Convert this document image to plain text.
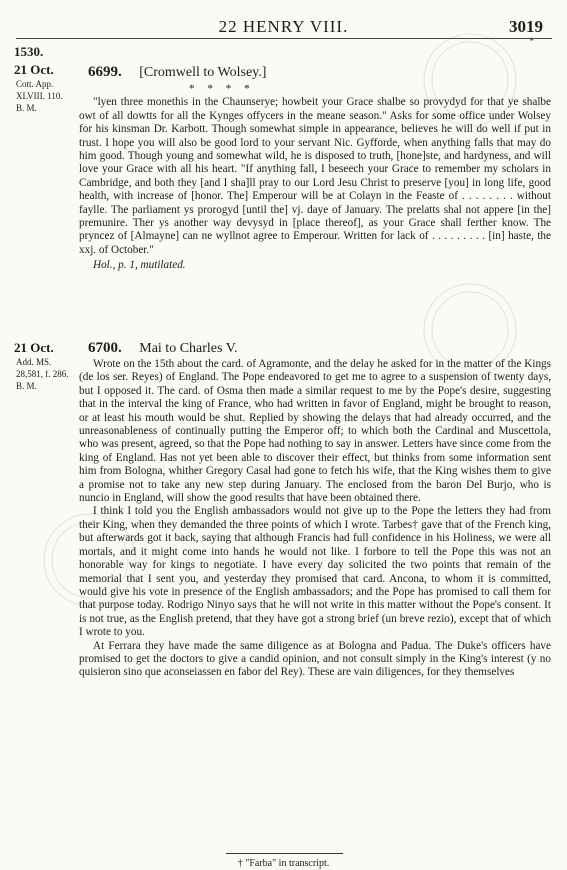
22 HENRY VIII.	3019
*
1530.
21 Oct.
Cott. App.
XLVIII. 110.
B. M.
6699. [Cromwell to Wolsey.]

* * * *

"lyen three monethis in the Chaunserye; howbeit your Grace shalbe so provydyd for that ye shalbe owt of all dowtts for all the Kynges offycers in the meane season." Asks for some office under Wolsey for his kinsman Dr. Karbott. Though somewhat simple in appearance, believes he will do well if put in trust. I hope you will also be good lord to your servant Nic. Gyfforde, when anything falls that may do him good. Though young and somewhat wild, he is disposed to truth, [hone]ste, and hardyness, and will love your Grace with all his heart. "If anything fall, I beseech your Grace to remember my scholars in Cambridge, and both they [and I sha]ll pray to our Lord Jesu Christ to preserve [you] in long life, good health, with increase of [honor. The] Emperour will be at Colayn in the Feaste of . . . . . . . . without faylle. The parliament ys prorogyd [until the] vj. daye of January. The prelatts shal not appere [in the] premunire. Ther ys another way devysyd in [place thereof], as your Grace shall ferther know. The pryncez of [Almayne] can ne wyllnot agree to Emperour. Written for lack of . . . . . . . . . [in] haste, the xxj. of October."

Hol., p. 1, mutilated.

21 Oct.
Add. MS.
28,581, f. 286.
B. M.
6700. Mai to Charles V.

Wrote on the 15th about the card. of Agramonte, and the delay he asked for in the matter of the Kings (de los ser. Reyes) of England. The Pope endeavored to get me to agree to a suspension of twenty days, but I opposed it. The card. of Osma then made a similar request to me by the Pope's desire, suggesting that in the interval the king of France, who had written in favor of England, might be brought to reason, or at least his mouth would be shut. Replied by showing the delays that had already occurred, and the unreasonableness of continually putting the Emperor off; to which both the Cardinal and Muscettola, who was present, agreed, so that the Pope had nothing to say in answer. Letters have since come from the king of England. Has not yet been able to discover their effect, but thinks from some information sent him from Bologna, whither Gregory Casal had gone to fetch his wife, that the King wishes them to give a promise not to take any new step during January. The enclosed from the baron Del Burjo, who is nuncio in England, will show the good results that have been obtained there.

I think I told you the English ambassadors would not give up to the Pope the letters they had from their King, when they demanded the three points of which I wrote. Tarbes† gave that of the French king, but afterwards got it back, saying that although Francis had full confidence in his Holiness, we were all mortals, and it might come into hands he would not like. I forbore to tell the Pope this was not an honorable way for kings to negotiate. I have every day solicited the two points that remain of the memorial that I sent you, and yesterday they promised that card. Ancona, to whom it is committed, would give his vote in presence of the English ambassadors; and the Pope has promised to call them for that purpose today. Rodrigo Ninyo says that he will not write in this matter without the Pope's consent. It is not true, as the English pretend, that they have got a strong brief (un breve rezio), except that of which I wrote to you.

At Ferrara they have made the same diligence as at Bologna and Padua. The Duke's officers have promised to get the doctors to give a candid opinion, and not consult simply in the King's interest (y no quisieron sino que aconseiassen en fabor del Rey). These are vain diligences, for they themselves

† "Farba" in transcript.
